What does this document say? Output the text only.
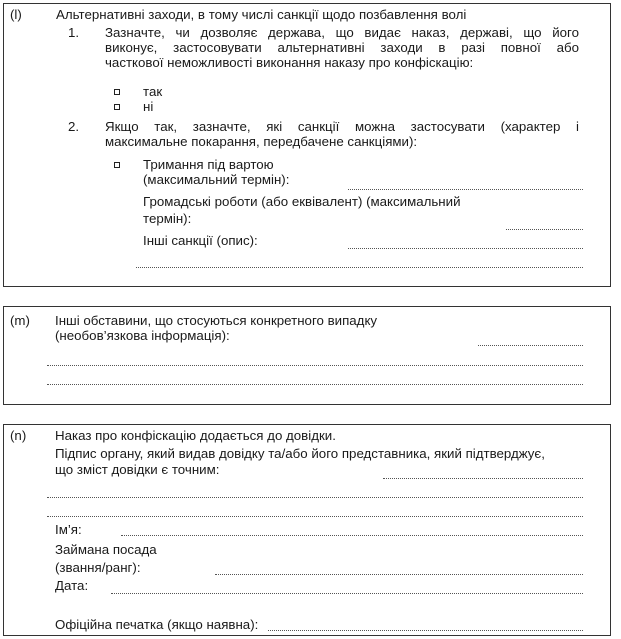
(l)	Альтернативні заходи, в тому числі санкції щодо позбавлення волі
1. Зазначте, чи дозволяє держава, що видає наказ, державі, що його
виконує, застосовувати альтернативні заходи в разі повної або
часткової неможливості виконання наказу про конфіскацію:
так
ні
2. Якщо так, зазначте, які санкції можна застосувати (характер і
максимальне покарання, передбачене санкціями):
Тримання під вартою
(максимальний термін):
Громадські роботи (або еквівалент) (максимальний
термін):
Інші санкції (опис):
(m) Інші обставини, що стосуються конкретного випадку
(необов’язкова інформація):
(n) Наказ про конфіскацію додається до довідки.
Підпис органу, який видав довідку та/або його представника, який підтверджує,
що зміст довідки є точним:
Ім’я:
Займана посада
(звання/ранг):
Дата:
Офіційна печатка (якщо наявна):
